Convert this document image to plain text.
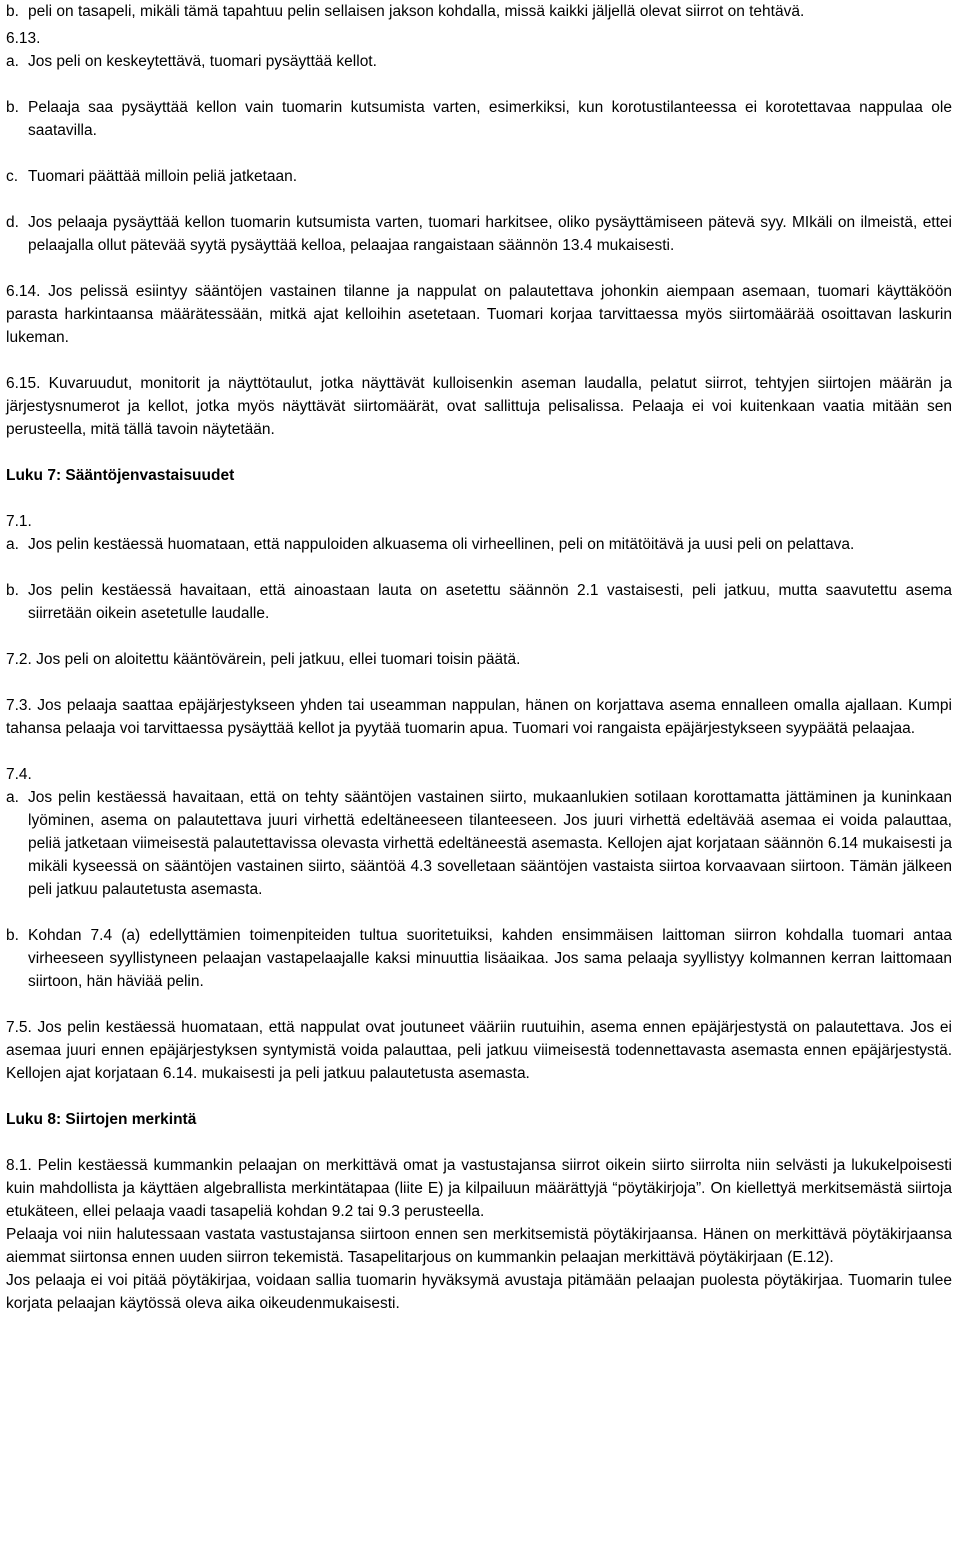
b. peli on tasapeli, mikäli tämä tapahtuu pelin sellaisen jakson kohdalla, missä kaikki jäljellä olevat siirrot on tehtävä.
6.13.
a. Jos peli on keskeytettävä, tuomari pysäyttää kellot.
b. Pelaaja saa pysäyttää kellon vain tuomarin kutsumista varten, esimerkiksi, kun korotustilanteessa ei korotettavaa nappulaa ole saatavilla.
c. Tuomari päättää milloin peliä jatketaan.
d. Jos pelaaja pysäyttää kellon tuomarin kutsumista varten, tuomari harkitsee, oliko pysäyttämiseen pätevä syy. MIkäli on ilmeistä, ettei pelaajalla ollut pätevää syytä pysäyttää kelloa, pelaajaa rangaistaan säännön 13.4 mukaisesti.
6.14. Jos pelissä esiintyy sääntöjen vastainen tilanne ja nappulat on palautettava johonkin aiempaan asemaan, tuomari käyttäköön parasta harkintaansa määrätessään, mitkä ajat kelloihin asetetaan. Tuomari korjaa tarvittaessa myös siirtomäärää osoittavan laskurin lukeman.
6.15. Kuvaruudut, monitorit ja näyttötaulut, jotka näyttävät kulloisenkin aseman laudalla, pelatut siirrot, tehtyjen siirtojen määrän ja järjestysnumerot ja kellot, jotka myös näyttävät siirtomäärät, ovat sallittuja pelisalissa. Pelaaja ei voi kuitenkaan vaatia mitään sen perusteella, mitä tällä tavoin näytetään.
Luku 7: Sääntöjenvastaisuudet
7.1.
a. Jos pelin kestäessä huomataan, että nappuloiden alkuasema oli virheellinen, peli on mitätöitävä ja uusi peli on pelattava.
b. Jos pelin kestäessä havaitaan, että ainoastaan lauta on asetettu säännön 2.1 vastaisesti, peli jatkuu, mutta saavutettu asema siirretään oikein asetetulle laudalle.
7.2. Jos peli on aloitettu kääntövärein, peli jatkuu, ellei tuomari toisin päätä.
7.3. Jos pelaaja saattaa epäjärjestykseen yhden tai useamman nappulan, hänen on korjattava asema ennalleen omalla ajallaan. Kumpi tahansa pelaaja voi tarvittaessa pysäyttää kellot ja pyytää tuomarin apua. Tuomari voi rangaista epäjärjestykseen syypäätä pelaajaa.
7.4.
a. Jos pelin kestäessä havaitaan, että on tehty sääntöjen vastainen siirto, mukaanlukien sotilaan korottamatta jättäminen ja kuninkaan lyöminen, asema on palautettava juuri virhettä edeltäneeseen tilanteeseen. Jos juuri virhettä edeltävää asemaa ei voida palauttaa, peliä jatketaan viimeisestä palautettavissa olevasta virhettä edeltäneestä asemasta. Kellojen ajat korjataan säännön 6.14 mukaisesti ja mikäli kyseessä on sääntöjen vastainen siirto, sääntöä 4.3 sovelletaan sääntöjen vastaista siirtoa korvaavaan siirtoon. Tämän jälkeen peli jatkuu palautetusta asemasta.
b. Kohdan 7.4 (a) edellyttämien toimenpiteiden tultua suoritetuiksi, kahden ensimmäisen laittoman siirron kohdalla tuomari antaa virheeseen syyllistyneen pelaajan vastapelaajalle kaksi minuuttia lisäaikaa. Jos sama pelaaja syyllistyy kolmannen kerran laittomaan siirtoon, hän häviää pelin.
7.5. Jos pelin kestäessä huomataan, että nappulat ovat joutuneet vääriin ruutuihin, asema ennen epäjärjestystä on palautettava. Jos ei asemaa juuri ennen epäjärjestyksen syntymistä voida palauttaa, peli jatkuu viimeisestä todennettavasta asemasta ennen epäjärjestystä. Kellojen ajat korjataan 6.14. mukaisesti ja peli jatkuu palautetusta asemasta.
Luku 8: Siirtojen merkintä
8.1. Pelin kestäessä kummankin pelaajan on merkittävä omat ja vastustajansa siirrot oikein siirto siirrolta niin selvästi ja lukukelpoisesti kuin mahdollista ja käyttäen algebrallista merkintätapaa (liite E) ja kilpailuun määrättyjä “pöytäkirjoja”. On kiellettyä merkitsemästä siirtoja etukäteen, ellei pelaaja vaadi tasapeliä kohdan 9.2 tai 9.3 perusteella.
Pelaaja voi niin halutessaan vastata vastustajansa siirtoon ennen sen merkitsemistä pöytäkirjaansa. Hänen on merkittävä pöytäkirjaansa aiemmat siirtonsa ennen uuden siirron tekemistä. Tasapelitarjous on kummankin pelaajan merkittävä pöytäkirjaan (E.12).
Jos pelaaja ei voi pitää pöytäkirjaa, voidaan sallia tuomarin hyväksymä avustaja pitämään pelaajan puolesta pöytäkirjaa. Tuomarin tulee korjata pelaajan käytössä oleva aika oikeudenmukaisesti.
